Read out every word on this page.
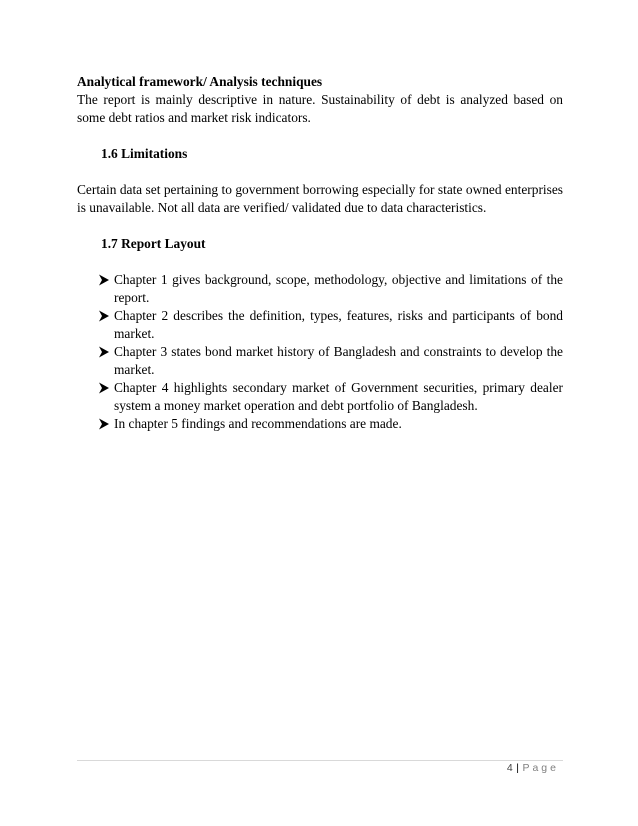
Analytical framework/ Analysis techniques

The report is mainly descriptive in nature. Sustainability of debt is analyzed based on some debt ratios and market risk indicators.

1.6 Limitations

Certain data set pertaining to government borrowing especially for state owned enterprises is unavailable. Not all data are verified/ validated due to data characteristics.

1.7 Report Layout

Chapter 1 gives background, scope, methodology, objective and limitations of the report.
Chapter 2 describes the definition, types, features, risks and participants of bond market.
Chapter 3 states bond market history of Bangladesh and constraints to develop the market.
Chapter 4 highlights secondary market of Government securities, primary dealer system a money market operation and debt portfolio of Bangladesh.
In chapter 5 findings and recommendations are made.
4 | Page
